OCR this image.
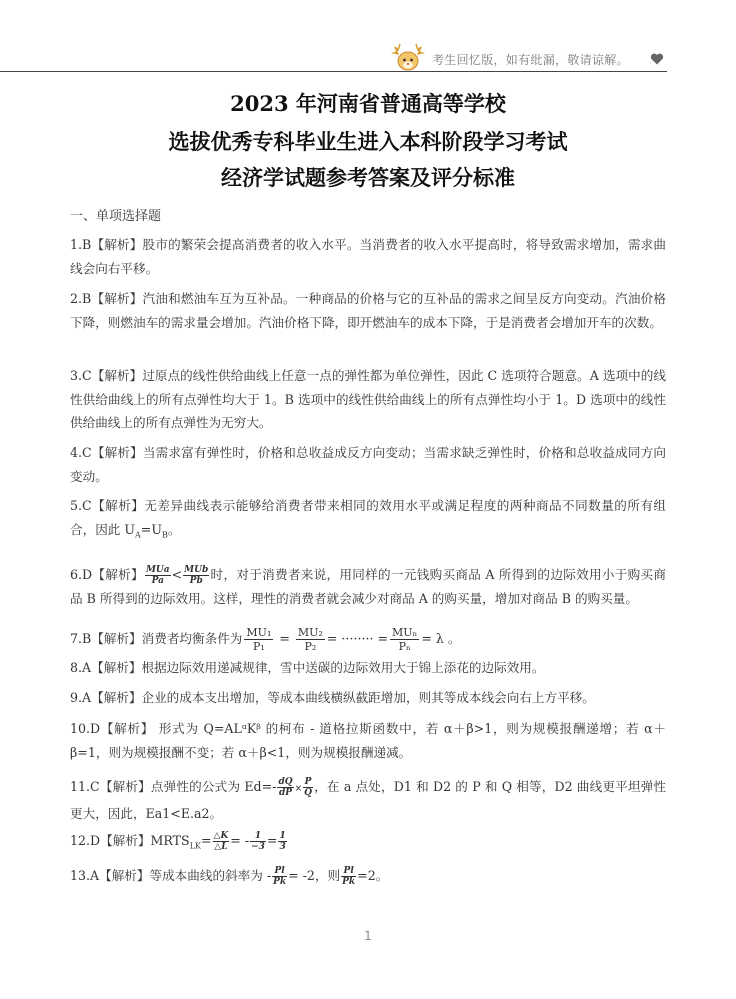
考生回忆版，如有纰漏，敬请谅解。
2023 年河南省普通高等学校
选拔优秀专科毕业生进入本科阶段学习考试
经济学试题参考答案及评分标准
一、单项选择题
1.B【解析】股市的繁荣会提高消费者的收入水平。当消费者的收入水平提高时，将导致需求增加，需求曲线会向右平移。
2.B【解析】汽油和燃油车互为互补品。一种商品的价格与它的互补品的需求之间呈反方向变动。汽油价格下降，则燃油车的需求量会增加。汽油价格下降，即开燃油车的成本下降，于是消费者会增加开车的次数。
3.C【解析】过原点的线性供给曲线上任意一点的弹性都为单位弹性，因此 C 选项符合题意。A 选项中的线性供给曲线上的所有点弹性均大于 1。B 选项中的线性供给曲线上的所有点弹性均小于 1。D 选项中的线性供给曲线上的所有点弹性为无穷大。
4.C【解析】当需求富有弹性时，价格和总收益成反方向变动；当需求缺乏弹性时，价格和总收益成同方向变动。
5.C【解析】无差异曲线表示能够给消费者带来相同的效用水平或满足程度的两种商品不同数量的所有组合，因此 $U_A=U_B$。
6.D【解析】 $\frac{\text{MUa}}{Pa} < \frac{\text{MUb}}{Pb}$ 时，对于消费者来说，用同样的一元钱购买商品 A 所得到的边际效用小于购买商品 B 所得到的边际效用。这样，理性的消费者就会减少对商品 A 的购买量，增加对商品 B 的购买量。
7.B【解析】消费者均衡条件为 $\frac{\text{MU₁}}{\text{P₁}} = \frac{\text{MU₂}}{\text{P₂}}$ = ········ = $\frac{\text{MUₙ}}{\text{Pₙ}} = \lambda$ 。
8.A【解析】根据边际效用递减规律，雪中送碳的边际效用大于锦上添花的边际效用。
9.A【解析】企业的成本支出增加，等成本曲线横纵截距增加，则其等成本线会向右上方平移。
10.D【解析】 形式为 Q=ALᵅKᵝ 的柯布 - 道格拉斯函数中，若 α＋β>1，则为规模报酬递增；若 α＋β=1，则为规模报酬不变；若 α＋β<1，则为规模报酬递减。
11.C【解析】点弹性的公式为 $Ed=- \frac{dQ}{dP} \times \frac{P}{Q}$ ，在 a 点处，D1 和 D2 的 P 和 Q 相等，D2 曲线更平坦弹性更大，因此，Ea1<E.a2。
12.D【解析】$MRTS_{LK}= \frac{\triangle K}{\triangle L}$ = - $\frac{1}{-3} = \frac{1}{3}$
13.A【解析】等成本曲线的斜率为 - $\frac{Pl}{Pk} = -2$，则 $\frac{Pl}{Pk} =2$。
1
